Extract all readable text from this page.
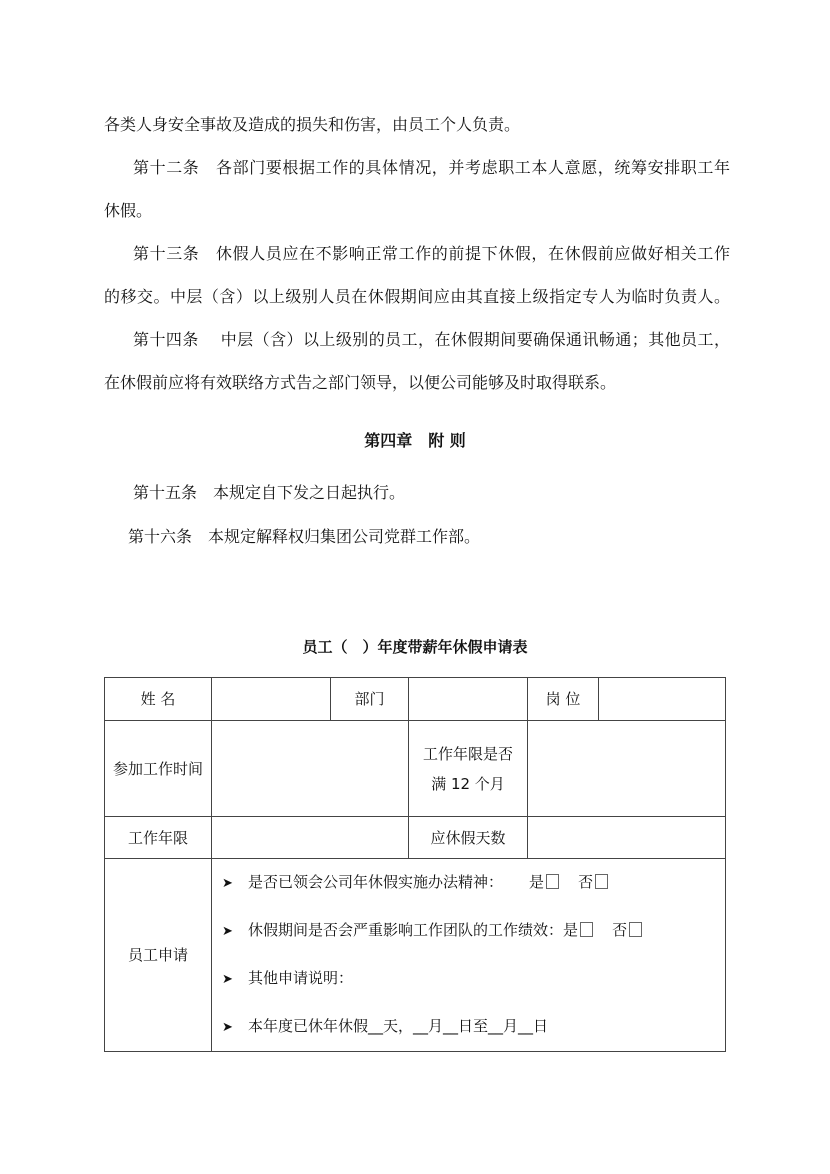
各类人身安全事故及造成的损失和伤害，由员工个人负责。
第十二条　各部门要根据工作的具体情况，并考虑职工本人意愿，统筹安排职工年
休假。
第十三条　休假人员应在不影响正常工作的前提下休假，在休假前应做好相关工作
的移交。中层（含）以上级别人员在休假期间应由其直接上级指定专人为临时负责人。
第十四条　 中层（含）以上级别的员工，在休假期间要确保通讯畅通；其他员工，
在休假前应将有效联络方式告之部门领导，以便公司能够及时取得联系。
第四章　附 则
第十五条　本规定自下发之日起执行。
第十六条　本规定解释权归集团公司党群工作部。
员工（　）年度带薪年休假申请表
姓 名		部门		岗 位	
参加工作时间			工作年限是否满 12 个月		
工作年限			应休假天数		
员工申请	➤ 是否已领会公司年休假实施办法精神： 是 否
➤ 休假期间是否会严重影响工作团队的工作绩效：是 否
➤ 其他申请说明：
➤ 本年度已休年休假__天，__月__日至__月__日				
